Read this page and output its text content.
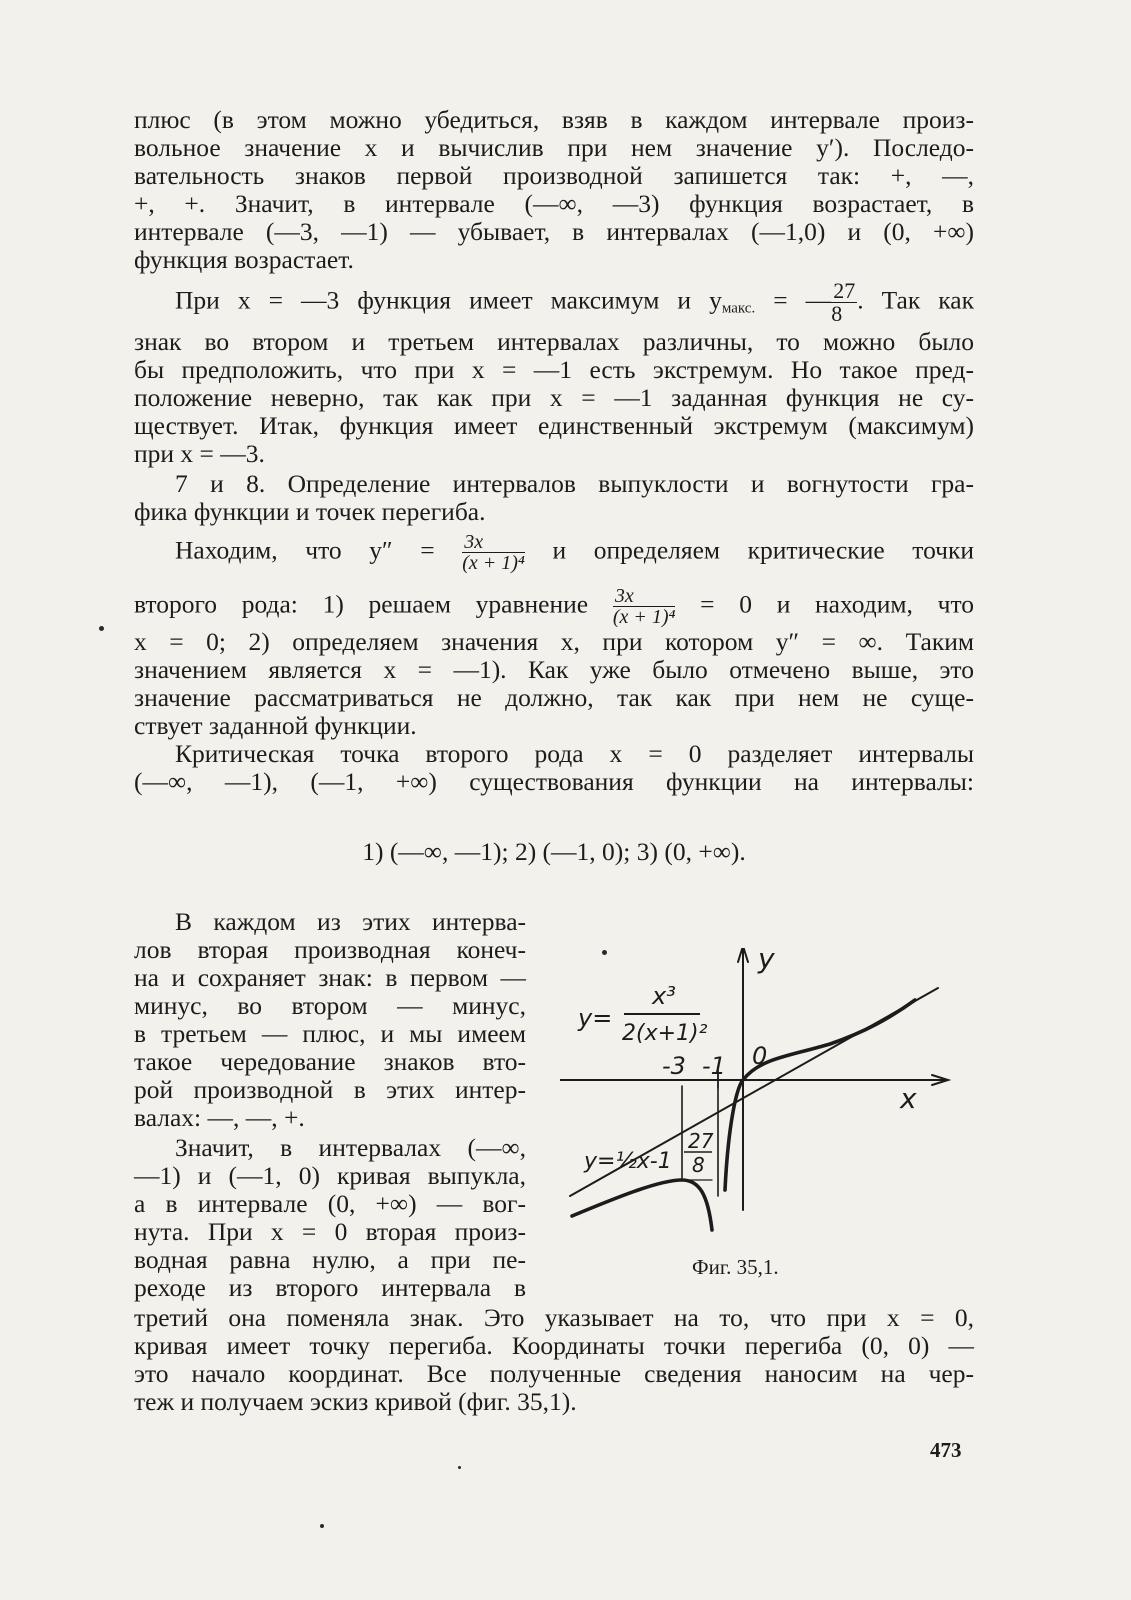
плюс (в этом можно убедиться, взяв в каждом интервале произ-
вольное значение x и вычислив при нем значение y′). Последо-
вательность знаков первой производной запишется так: +, —,
+, +. Значит, в интервале (—∞, —3) функция возрастает, в
интервале (—3, —1) — убывает, в интервалах (—1,0) и (0, +∞)
функция возрастает.
При x = —3 функция имеет максимум и $y_{макс.}$ = — $\frac{27}{8}$ . Так как
знак во втором и третьем интервалах различны, то можно было
бы предположить, что при x = —1 есть экстремум. Но такое пред-
положение неверно, так как при x = —1 заданная функция не су-
ществует. Итак, функция имеет единственный экстремум (максимум)
при x = —3.
7 и 8. Определение интервалов выпуклости и вогнутости гра-
фика функции и точек перегиба.
Находим, что $y'' = \frac{3x}{\text{(x + 1)⁴}}$ и определяем критические точки
второго рода: 1) решаем уравнение $\frac{3x}{\text{(x + 1)⁴}} = 0$ и находим, что
x = 0; 2) определяем значения x, при котором y″ = ∞. Таким
значением является x = —1). Как уже было отмечено выше, это
значение рассматриваться не должно, так как при нем не суще-
ствует заданной функции.
Критическая точка второго рода x = 0 разделяет интервалы
(—∞, —1), (—1, +∞) существования функции на интервалы:
1) (—∞, —1); 2) (—1, 0); 3) (0, +∞).
В каждом из этих интерва-
лов вторая производная конеч-
на и сохраняет знак: в первом —
минус, во втором — минус,
в третьем — плюс, и мы имеем
такое чередование знаков вто-
рой производной в этих интер-
валах: —, —, +.
Значит, в интервалах (—∞,
—1) и (—1, 0) кривая выпукла,
а в интервале (0, +∞) — вог-
нута. При x = 0 вторая произ-
водная равна нулю, а при пе-
реходе из второго интервала в
третий она поменяла знак. Это указывает на то, что при x = 0,
кривая имеет точку перегиба. Координаты точки перегиба (0, 0) —
это начало координат. Все полученные сведения наносим на чер-
теж и получаем эскиз кривой (фиг. 35,1).
y
x
y=
x³
2(x+1)²
y=½x-1
-3 -1 0
27
8
Фиг. 35,1.
473
